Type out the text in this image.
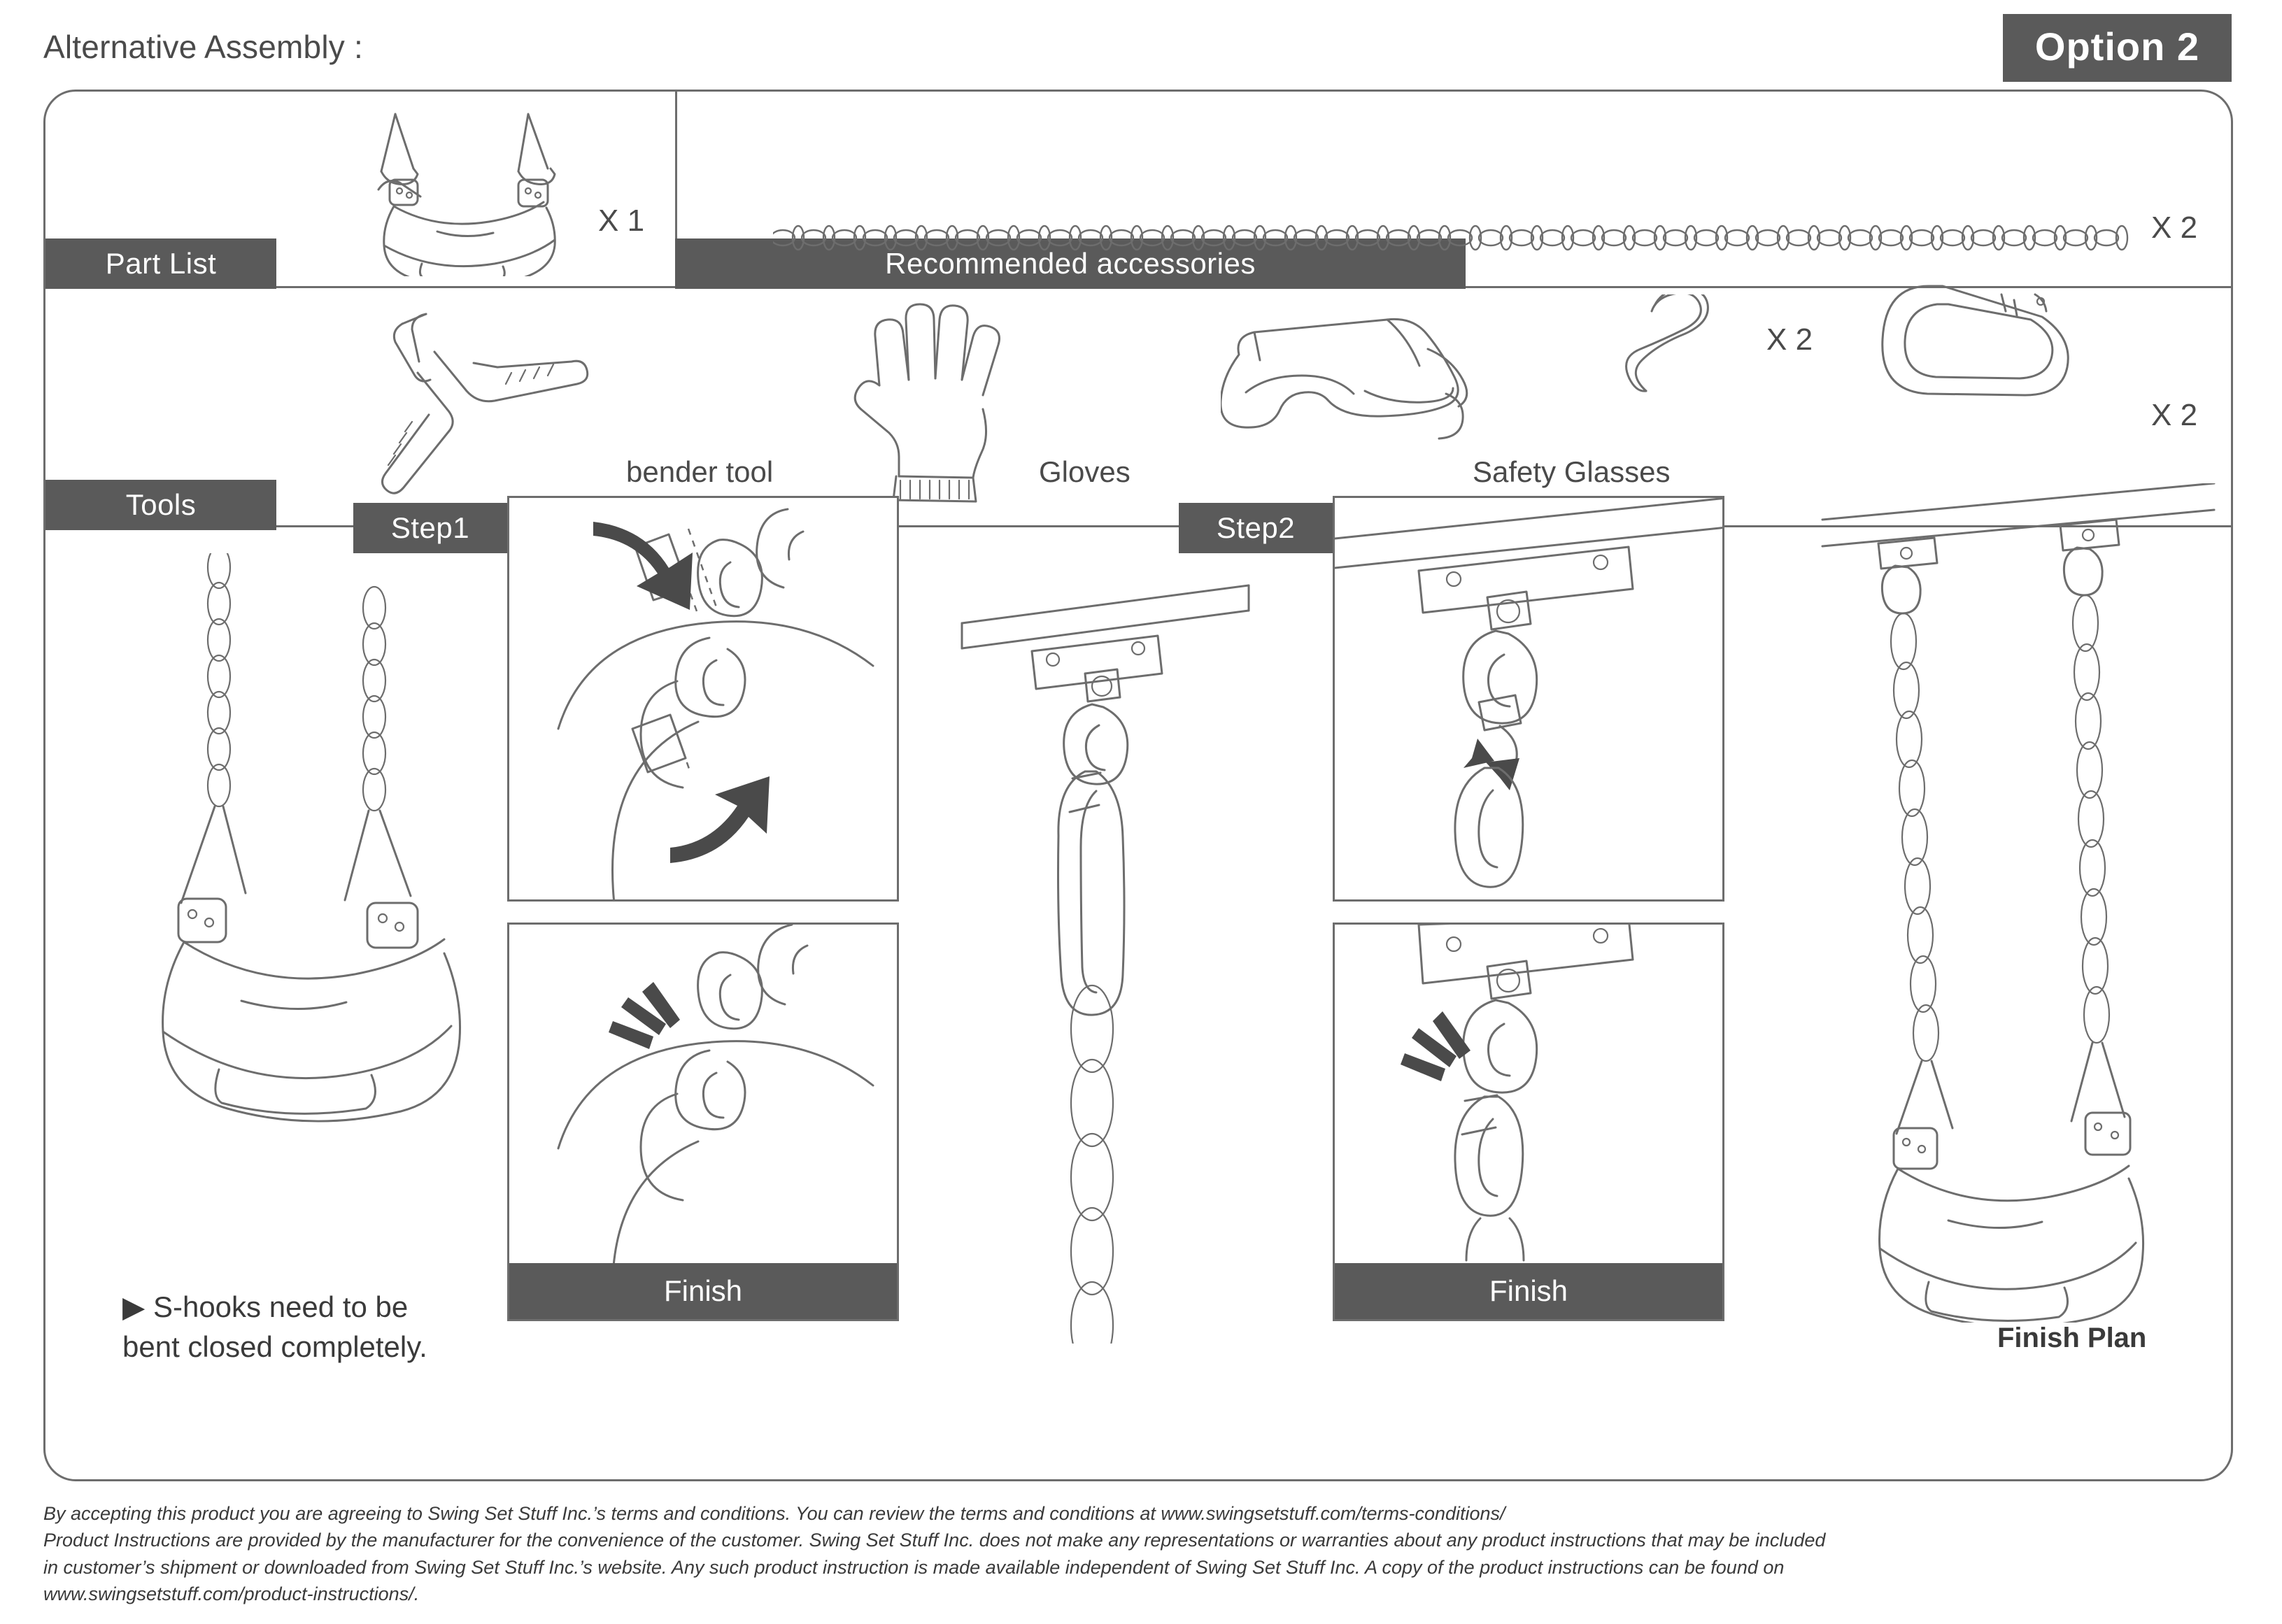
Alternative Assembly :	Option 2
Part List
X 1
Recommended accessories
X 2
X 2
X 2
Tools
bender tool	Gloves	Safety Glasses
▶ S-hooks need to be
bent closed completely.
Step1
Finish
Step2
Finish
Finish Plan

By accepting this product you are agreeing to Swing Set Stuff Inc.’s terms and conditions. You can review the terms and conditions at www.swingsetstuff.com/terms-conditions/

Product Instructions are provided by the manufacturer for the convenience of the customer. Swing Set Stuff Inc. does not make any representations or warranties about any product instructions that may be included

in customer’s shipment or downloaded from Swing Set Stuff Inc.’s website. Any such product instruction is made available independent of Swing Set Stuff Inc. A copy of the product instructions can be found on

www.swingsetstuff.com/product-instructions/.
